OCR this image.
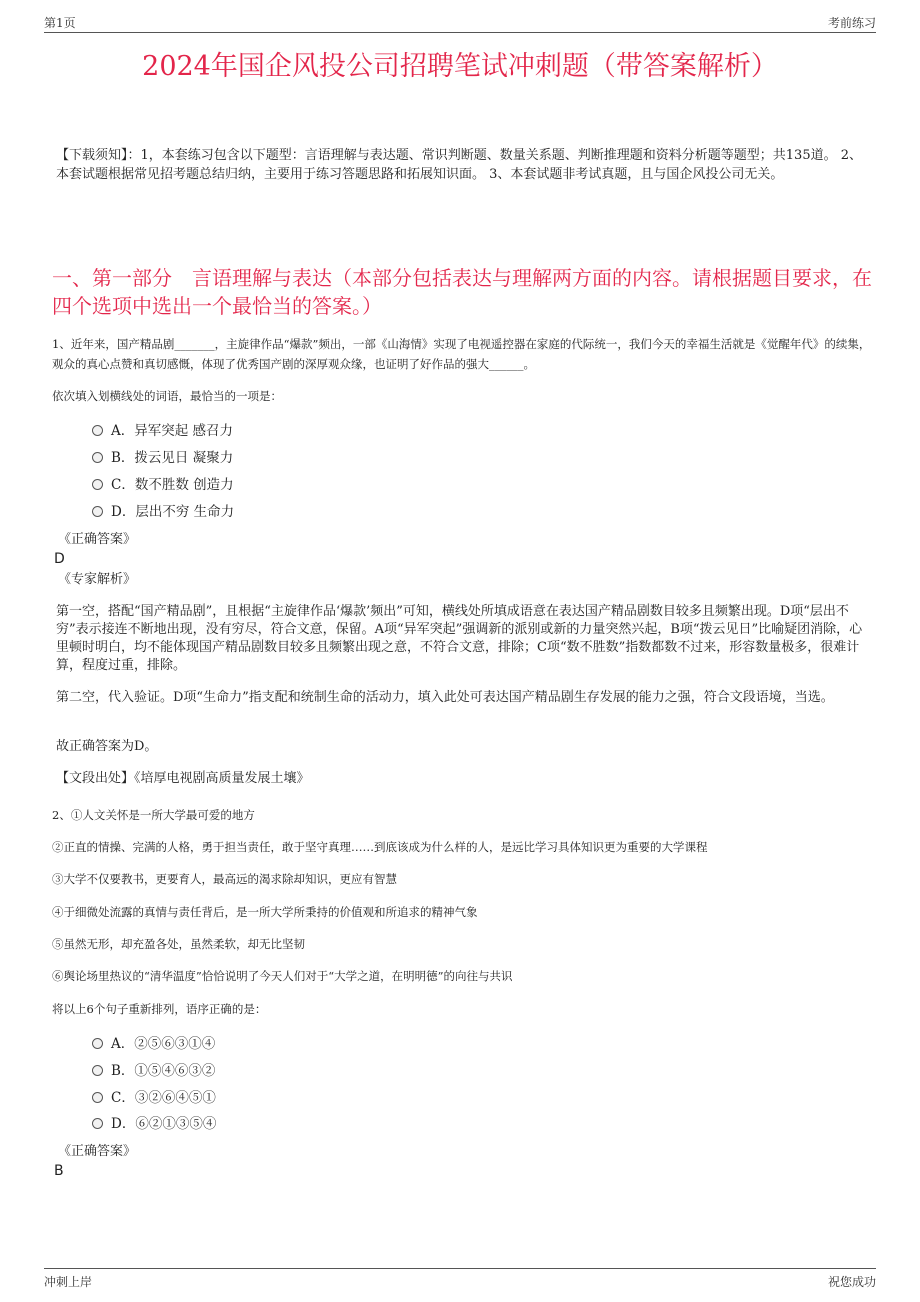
第1页	考前练习
2024年国企风投公司招聘笔试冲刺题（带答案解析）
【下载须知】：1，本套练习包含以下题型：言语理解与表达题、常识判断题、数量关系题、判断推理题和资料分析题等题型；共135道。 2、本套试题根据常见招考题总结归纳，主要用于练习答题思路和拓展知识面。 3、本套试题非考试真题，且与国企风投公司无关。
一、第一部分　言语理解与表达（本部分包括表达与理解两方面的内容。请根据题目要求，在四个选项中选出一个最恰当的答案。）
1、近年来，国产精品剧_______，主旋律作品“爆款”频出，一部《山海情》实现了电视遥控器在家庭的代际统一，我们今天的幸福生活就是《觉醒年代》的续集，观众的真心点赞和真切感慨，体现了优秀国产剧的深厚观众缘，也证明了好作品的强大______。
依次填入划横线处的词语，最恰当的一项是：
A．异军突起 感召力
B．拨云见日 凝聚力
C．数不胜数 创造力
D．层出不穷 生命力
《正确答案》
D
《专家解析》
第一空，搭配“国产精品剧”，且根据“主旋律作品‘爆款’频出”可知，横线处所填成语意在表达国产精品剧数目较多且频繁出现。D项“层出不穷”表示接连不断地出现，没有穷尽，符合文意，保留。A项“异军突起”强调新的派别或新的力量突然兴起，B项“拨云见日”比喻疑团消除，心里顿时明白，均不能体现国产精品剧数目较多且频繁出现之意，不符合文意，排除；C项“数不胜数”指数都数不过来，形容数量极多，很难计算，程度过重，排除。
第二空，代入验证。D项“生命力”指支配和统制生命的活动力，填入此处可表达国产精品剧生存发展的能力之强，符合文段语境，当选。
故正确答案为D。
【文段出处】《培厚电视剧高质量发展土壤》
2、①人文关怀是一所大学最可爱的地方
②正直的情操、完满的人格，勇于担当责任，敢于坚守真理……到底该成为什么样的人，是远比学习具体知识更为重要的大学课程
③大学不仅要教书，更要育人，最高远的渴求除却知识，更应有智慧
④于细微处流露的真情与责任背后，是一所大学所秉持的价值观和所追求的精神气象
⑤虽然无形，却充盈各处，虽然柔软，却无比坚韧
⑥舆论场里热议的“清华温度”恰恰说明了今天人们对于“大学之道，在明明德”的向往与共识
将以上6个句子重新排列，语序正确的是：
A．②⑤⑥③①④
B．①⑤④⑥③②
C．③②⑥④⑤①
D．⑥②①③⑤④
《正确答案》
B
冲刺上岸	祝您成功
